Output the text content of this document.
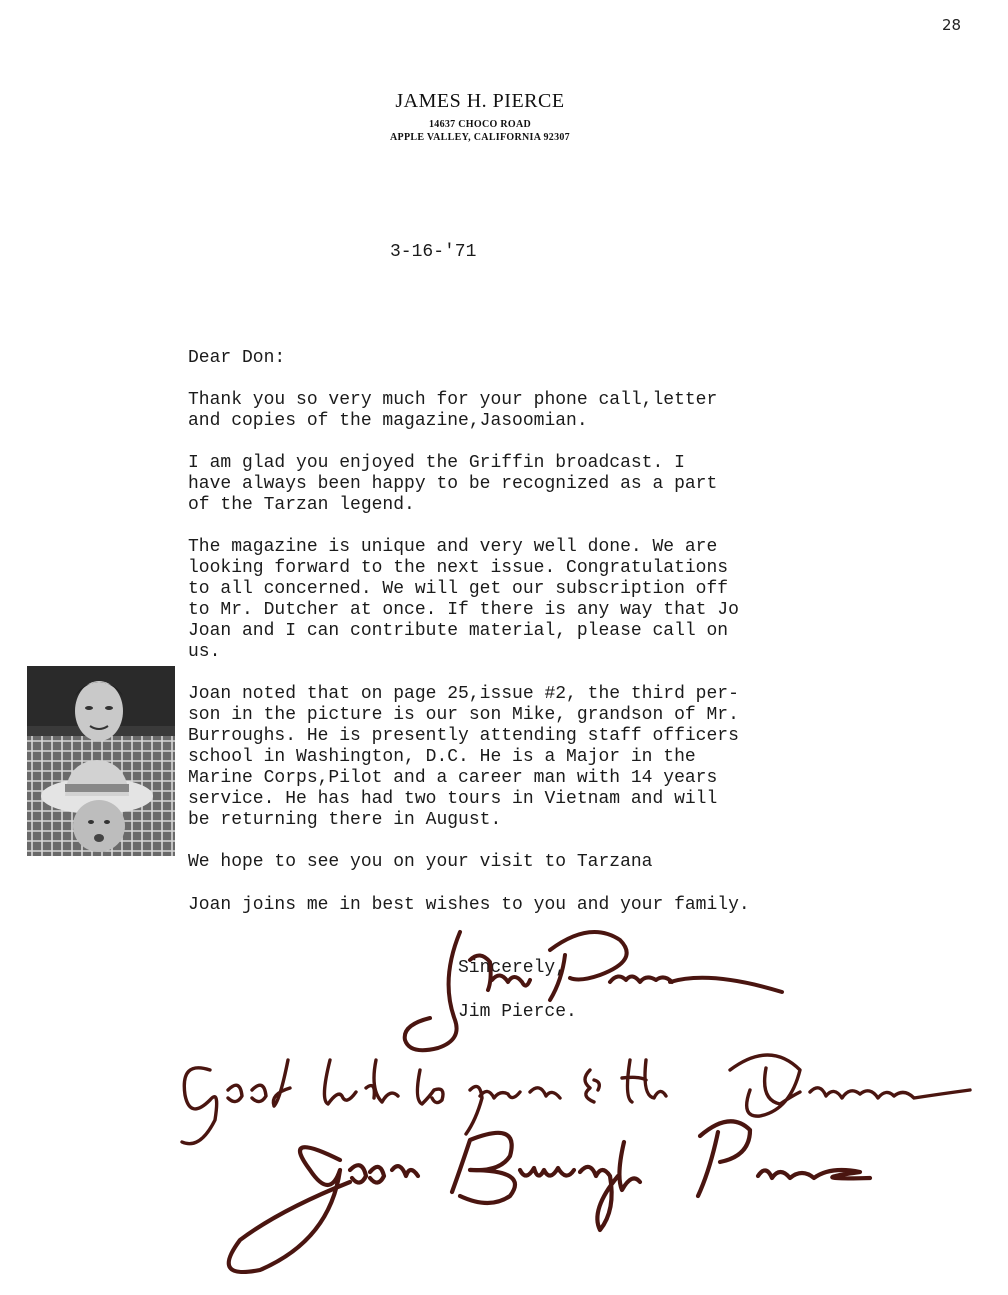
28
JAMES H. PIERCE
14637 CHOCO ROAD
APPLE VALLEY, CALIFORNIA 92307
3-16-'71
Dear Don:
Thank you so very much for your phone call,letter
and copies of the magazine,Jasoomian.
I am glad you enjoyed the Griffin broadcast. I
have always been happy to be recognized as a part
of the Tarzan legend.
The magazine is unique and very well done. We are
looking forward to the next issue. Congratulations
to all concerned. We will get our subscription off
to Mr. Dutcher at once. If there is any way that Jo
Joan and I can contribute material, please call on
us.
Joan noted that on page 25,issue #2, the third per-
son in the picture is our son Mike, grandson of Mr.
Burroughs. He is presently attending staff officers
school in Washington, D.C. He is a Major in the
Marine Corps,Pilot and a career man with 14 years
service. He has had two tours in Vietnam and will
be returning there in August.
We hope to see you on your visit to Tarzana
Joan joins me in best wishes to you and your family.
Sincerely,
Jim Pierce.
